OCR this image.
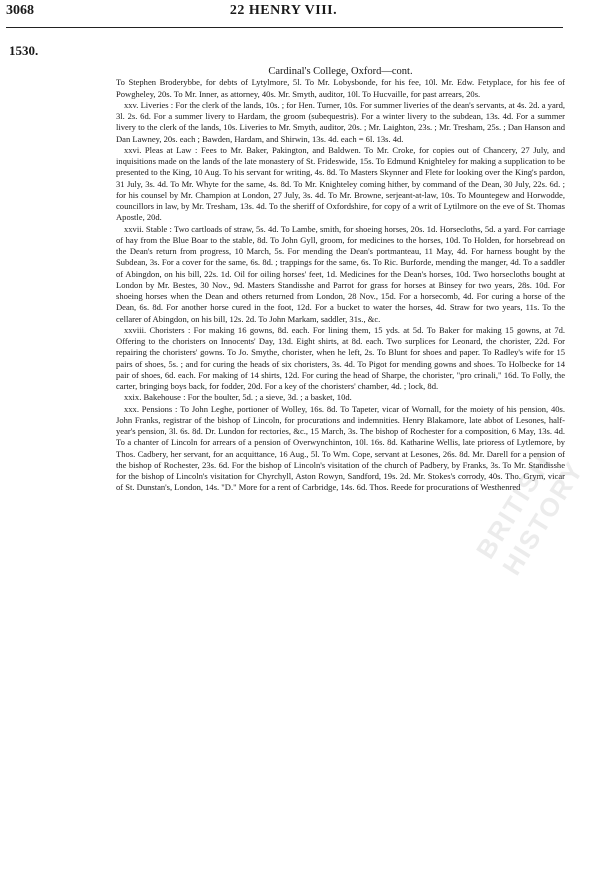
BRITISH HISTORY
3068	22 HENRY VIII.
1530.

Cardinal's College, Oxford—cont.

To Stephen Broderybbe, for debts of Lytylmore, 5l. To Mr. Lobysbonde, for his fee, 10l. Mr. Edw. Fetyplace, for his fee of Powgheley, 20s. To Mr. Inner, as attorney, 40s. Mr. Smyth, auditor, 10l. To Hucvaille, for past arrears, 20s.

xxv. Liveries : For the clerk of the lands, 10s. ; for Hen. Turner, 10s. For summer liveries of the dean's servants, at 4s. 2d. a yard, 3l. 2s. 6d. For a summer livery to Hardam, the groom (subequestris). For a winter livery to the subdean, 13s. 4d. For a summer livery to the clerk of the lands, 10s. Liveries to Mr. Smyth, auditor, 20s. ; Mr. Laighton, 23s. ; Mr. Tresham, 25s. ; Dan Hanson and Dan Lawney, 20s. each ; Bawden, Hardam, and Shirwin, 13s. 4d. each = 6l. 13s. 4d.

xxvi. Pleas at Law : Fees to Mr. Baker, Pakington, and Baldwen. To Mr. Croke, for copies out of Chancery, 27 July, and inquisitions made on the lands of the late monastery of St. Frideswide, 15s. To Edmund Knighteley for making a supplication to be presented to the King, 10 Aug. To his servant for writing, 4s. 8d. To Masters Skynner and Flete for looking over the King's pardon, 31 July, 3s. 4d. To Mr. Whyte for the same, 4s. 8d. To Mr. Knighteley coming hither, by command of the Dean, 30 July, 22s. 6d. ; for his counsel by Mr. Champion at London, 27 July, 3s. 4d. To Mr. Browne, serjeant-at-law, 10s. To Mountegew and Horwodde, councillors in law, by Mr. Tresham, 13s. 4d. To the sheriff of Oxfordshire, for copy of a writ of Lytilmore on the eve of St. Thomas Apostle, 20d.

xxvii. Stable : Two cartloads of straw, 5s. 4d. To Lambe, smith, for shoeing horses, 20s. 1d. Horsecloths, 5d. a yard. For carriage of hay from the Blue Boar to the stable, 8d. To John Gyll, groom, for medicines to the horses, 10d. To Holden, for horsebread on the Dean's return from progress, 10 March, 5s. For mending the Dean's portmanteau, 11 May, 4d. For harness bought by the Subdean, 3s. For a cover for the same, 6s. 8d. ; trappings for the same, 6s. To Ric. Burforde, mending the manger, 4d. To a saddler of Abingdon, on his bill, 22s. 1d. Oil for oiling horses' feet, 1d. Medicines for the Dean's horses, 10d. Two horsecloths bought at London by Mr. Bestes, 30 Nov., 9d. Masters Standisshe and Parrot for grass for horses at Binsey for two years, 28s. 10d. For shoeing horses when the Dean and others returned from London, 28 Nov., 15d. For a horsecomb, 4d. For curing a horse of the Dean, 6s. 8d. For another horse cured in the foot, 12d. For a bucket to water the horses, 4d. Straw for two years, 11s. To the cellarer of Abingdon, on his bill, 12s. 2d. To John Markam, saddler, 31s., &c.

xxviii. Choristers : For making 16 gowns, 8d. each. For lining them, 15 yds. at 5d. To Baker for making 15 gowns, at 7d. Offering to the choristers on Innocents' Day, 13d. Eight shirts, at 8d. each. Two surplices for Leonard, the chorister, 22d. For repairing the choristers' gowns. To Jo. Smythe, chorister, when he left, 2s. To Blunt for shoes and paper. To Radley's wife for 15 pairs of shoes, 5s. ; and for curing the heads of six choristers, 3s. 4d. To Pigot for mending gowns and shoes. To Holbecke for 14 pair of shoes, 6d. each. For making of 14 shirts, 12d. For curing the head of Sharpe, the chorister, "pro crinali," 16d. To Folly, the carter, bringing boys back, for fodder, 20d. For a key of the choristers' chamber, 4d. ; lock, 8d.

xxix. Bakehouse : For the boulter, 5d. ; a sieve, 3d. ; a basket, 10d.

xxx. Pensions : To John Leghe, portioner of Wolley, 16s. 8d. To Tapeter, vicar of Wornall, for the moiety of his pension, 40s. John Franks, registrar of the bishop of Lincoln, for procurations and indemnities. Henry Blakamore, late abbot of Lesones, half-year's pension, 3l. 6s. 8d. Dr. Lundon for rectories, &c., 15 March, 3s. The bishop of Rochester for a composition, 6 May, 13s. 4d. To a chanter of Lincoln for arrears of a pension of Overwynchinton, 10l. 16s. 8d. Katharine Wellis, late prioress of Lytlemore, by Thos. Cadbery, her servant, for an acquittance, 16 Aug., 5l. To Wm. Cope, servant at Lesones, 26s. 8d. Mr. Darell for a pension of the bishop of Rochester, 23s. 6d. For the bishop of Lincoln's visitation of the church of Padbery, by Franks, 3s. To Mr. Standisshe for the bishop of Lincoln's visitation for Chyrchyll, Aston Rowyn, Sandford, 19s. 2d. Mr. Stokes's corrody, 40s. Tho. Grym, vicar of St. Dunstan's, London, 14s. "D." More for a rent of Carbridge, 14s. 6d. Thos. Reede for procurations of Westhenred
